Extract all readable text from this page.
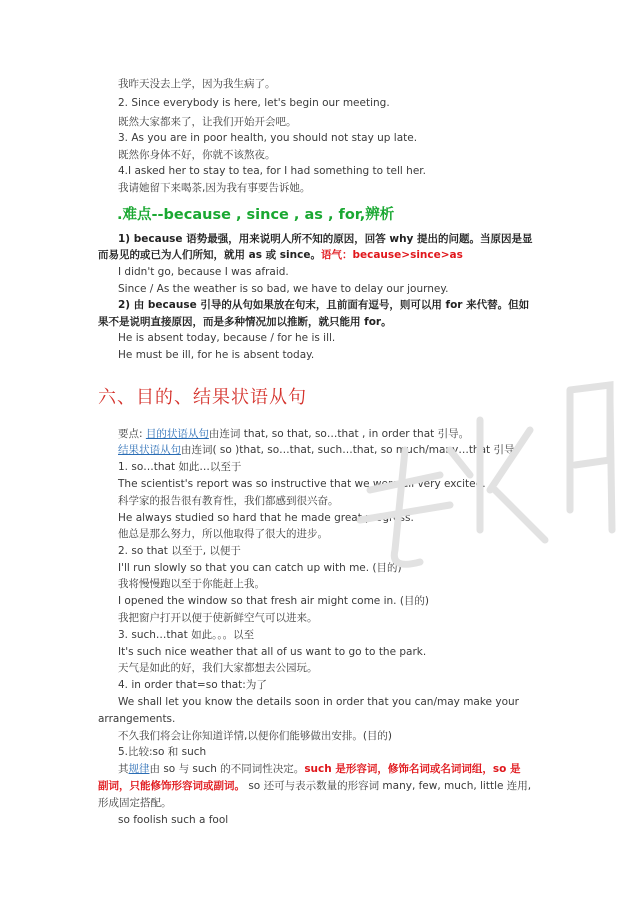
我昨天没去上学，因为我生病了。
2. Since everybody is here, let's begin our meeting.
既然大家都来了，让我们开始开会吧。
3. As you are in poor health, you should not stay up late.
既然你身体不好，你就不该熬夜。
4.I asked her to stay to tea, for I had something to tell her.
我请她留下来喝茶,因为我有事要告诉她。
.难点--because , since , as , for,辨析
1) because 语势最强，用来说明人所不知的原因，回答 why 提出的问题。当原因是显
而易见的或已为人们所知，就用 as 或 since。语气：because>since>as
I didn't go, because I was afraid.
Since / As the weather is so bad, we have to delay our journey.
2) 由 because 引导的从句如果放在句末，且前面有逗号，则可以用 for 来代替。但如
果不是说明直接原因，而是多种情况加以推断，就只能用 for。
He is absent today, because / for he is ill.
He must be ill, for he is absent today.
六、目的、结果状语从句
要点: 目的状语从句由连词 that, so that, so…that , in order that 引导。
结果状语从句由连词( so )that, so…that, such…that, so much/many…that 引导。
1. so…that 如此…以至于
The scientist's report was so instructive that we were all very excited.
科学家的报告很有教育性，我们都感到很兴奋。
He always studied so hard that he made great progress.
他总是那么努力，所以他取得了很大的进步。
2. so that 以至于, 以便于
I'll run slowly so that you can catch up with me. (目的)
我将慢慢跑以至于你能赶上我。
I opened the window so that fresh air might come in. (目的)
我把窗户打开以便于使新鲜空气可以进来。
3. such…that 如此。。。以至
It's such nice weather that all of us want to go to the park.
天气是如此的好，我们大家都想去公园玩。
4. in order that=so that:为了
We shall let you know the details soon in order that you can/may make your
arrangements.
不久我们将会让你知道详情,以便你们能够做出安排。(目的)
5.比较:so 和 such
其规律由 so 与 such 的不同词性决定。such 是形容词，修饰名词或名词词组，so 是
副词，只能修饰形容词或副词。 so 还可与表示数量的形容词 many, few, much, little 连用,
形成固定搭配。
so foolish such a fool
